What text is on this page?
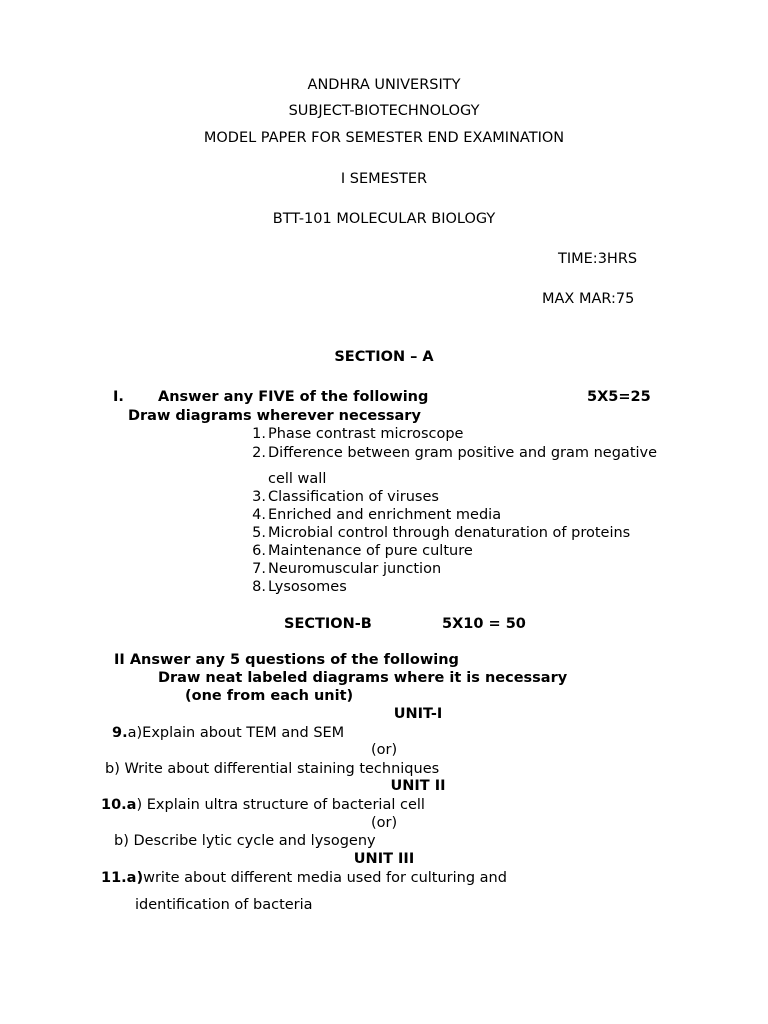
ANDHRA UNIVERSITY
SUBJECT-BIOTECHNOLOGY
MODEL PAPER FOR SEMESTER END EXAMINATION
I SEMESTER
BTT-101 MOLECULAR BIOLOGY
TIME:3HRS
MAX MAR:75
SECTION – A
I. Answer any FIVE of the following	5X5=25
Draw diagrams wherever necessary
1. Phase contrast microscope
2. Difference between gram positive and gram negative
cell wall
3. Classification of viruses
4. Enriched and enrichment media
5. Microbial control through denaturation of proteins
6. Maintenance of pure culture
7. Neuromuscular junction
8. Lysosomes
SECTION-B	5X10 = 50
II Answer any 5 questions of the following
Draw neat labeled diagrams where it is necessary
(one from each unit)
UNIT-I
9.a)Explain about TEM and SEM
(or)
b) Write about differential staining techniques
UNIT II
10.a) Explain ultra structure of bacterial cell
(or)
b) Describe lytic cycle and lysogeny
UNIT III
11.a)write about different media used for culturing and
identification of bacteria
